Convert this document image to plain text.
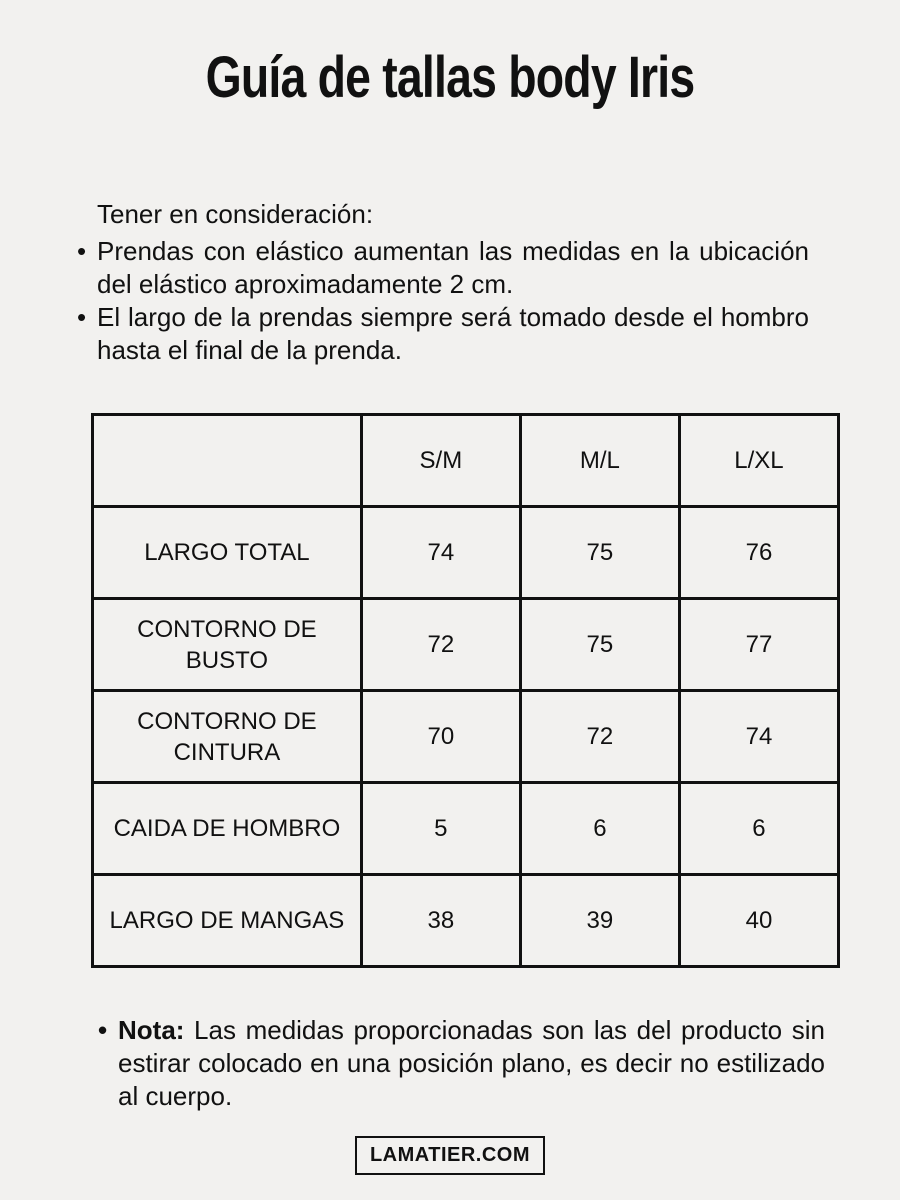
Guía de tallas body Iris

Tener en consideración:

• Prendas con elástico aumentan las medidas en la ubicación del elástico aproximadamente 2 cm.
• El largo de la prendas siempre será tomado desde el hombro hasta el final de la prenda.
	S/M	M/L	L/XL
LARGO TOTAL	74	75	76
CONTORNO DE BUSTO	72	75	77
CONTORNO DE CINTURA	70	72	74
CAIDA DE HOMBRO	5	6	6
LARGO DE MANGAS	38	39	40

• Nota: Las medidas proporcionadas son las del producto sin estirar colocado en una posición plano, es decir no estilizado al cuerpo.

LAMATIER.COM
